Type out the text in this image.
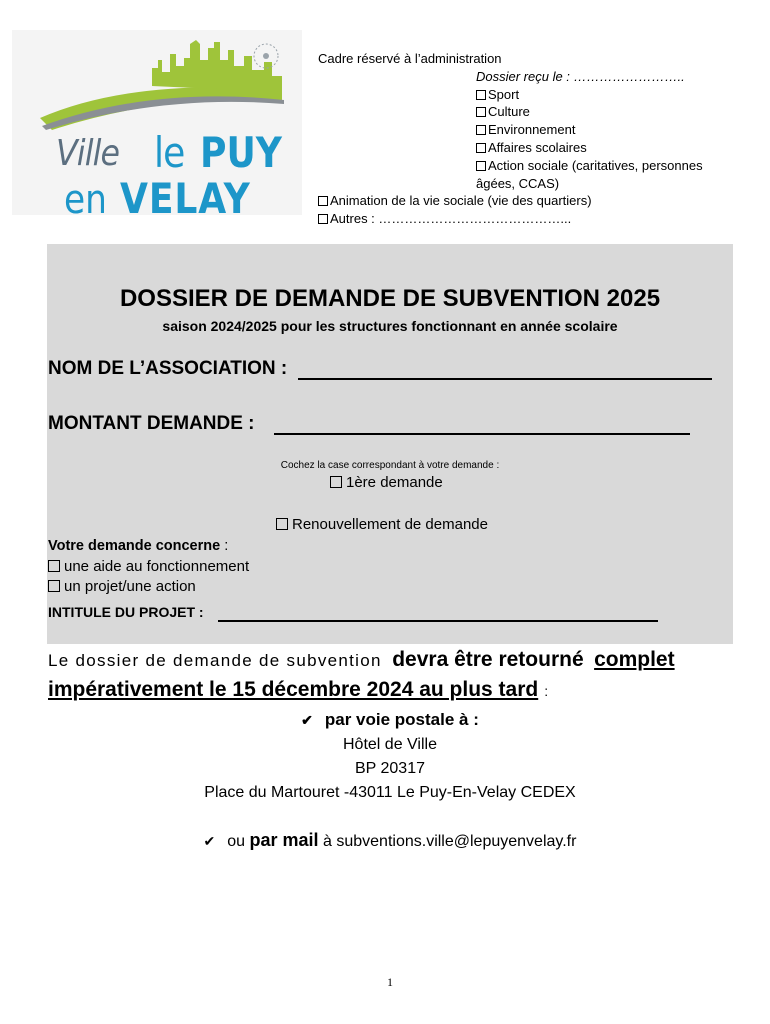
Ville le PUY
en VELAY
Cadre réservé à l’administration
Dossier reçu le : ……………………..
Sport
Culture
Environnement
Affaires scolaires
Action sociale (caritatives, personnes âgées, CCAS)
Animation de la vie sociale (vie des quartiers)
Autres : ……………………………………...
DOSSIER DE DEMANDE DE SUBVENTION 2025
saison 2024/2025 pour les structures fonctionnant en année scolaire
NOM DE L’ASSOCIATION :
MONTANT DEMANDE :
Cochez la case correspondant à votre demande :
1ère demande
Renouvellement de demande
Votre demande concerne :
une aide au fonctionnement
un projet/une action
INTITULE DU PROJET :
Le dossier de demande de subvention devra être retourné complet
impérativement le 15 décembre 2024 au plus tard :
✔ par voie postale à :
Hôtel de Ville
BP 20317
Place du Martouret -43011 Le Puy-En-Velay CEDEX
✔ ou par mail à subventions.ville@lepuyenvelay.fr
1
